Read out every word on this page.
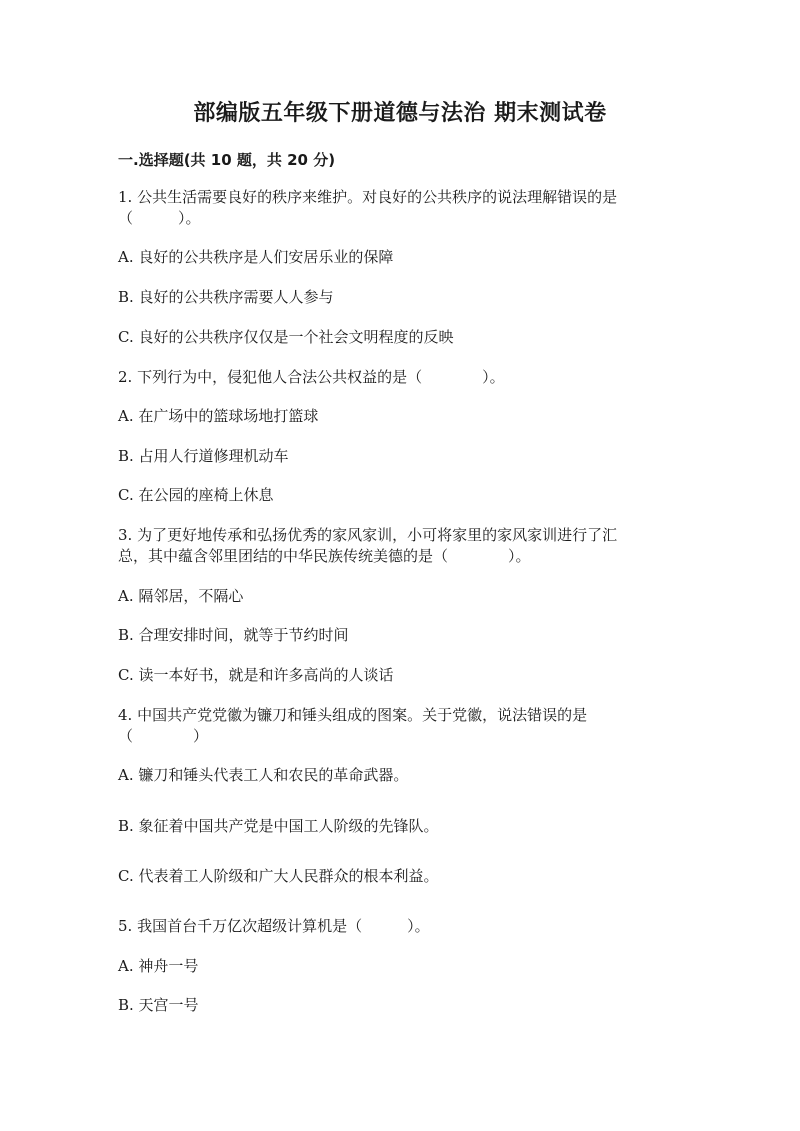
部编版五年级下册道德与法治 期末测试卷
一.选择题(共 10 题，共 20 分)
1. 公共生活需要良好的秩序来维护。对良好的公共秩序的说法理解错误的是
（　　　）。
A. 良好的公共秩序是人们安居乐业的保障
B. 良好的公共秩序需要人人参与
C. 良好的公共秩序仅仅是一个社会文明程度的反映
2. 下列行为中，侵犯他人合法公共权益的是（　　　　）。
A. 在广场中的篮球场地打篮球
B. 占用人行道修理机动车
C. 在公园的座椅上休息
3. 为了更好地传承和弘扬优秀的家风家训，小可将家里的家风家训进行了汇
总，其中蕴含邻里团结的中华民族传统美德的是（　　　　）。
A. 隔邻居，不隔心
B. 合理安排时间，就等于节约时间
C. 读一本好书，就是和许多高尚的人谈话
4. 中国共产党党徽为镰刀和锤头组成的图案。关于党徽，说法错误的是
（　　　　）
A. 镰刀和锤头代表工人和农民的革命武器。
B. 象征着中国共产党是中国工人阶级的先锋队。
C. 代表着工人阶级和广大人民群众的根本利益。
5. 我国首台千万亿次超级计算机是（　　　）。
A. 神舟一号
B. 天宫一号
